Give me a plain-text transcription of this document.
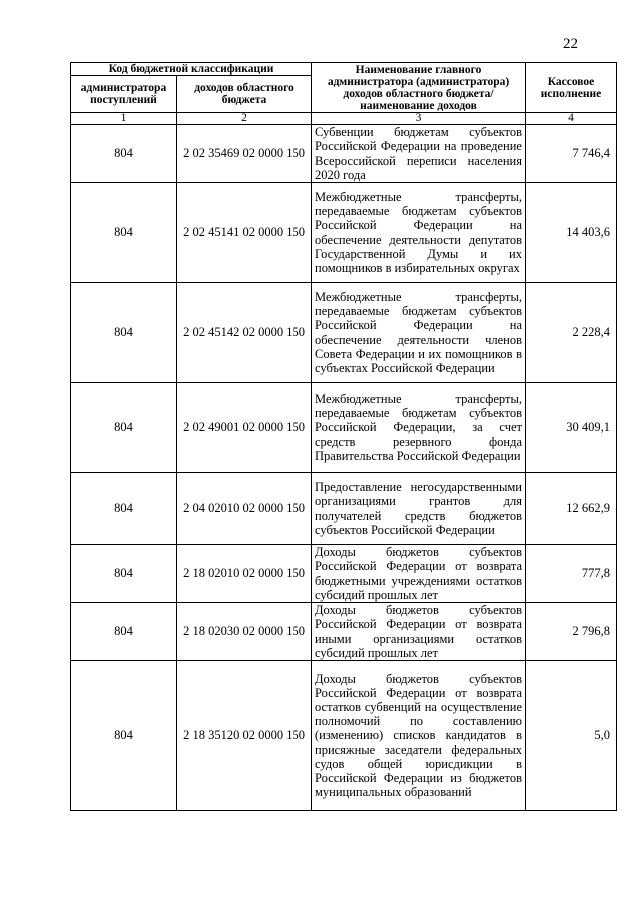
22
Код бюджетной классификации		Наименование главного администратора (администратора) доходов областного бюджета/ наименование доходов	Кассовое исполнение
администратора поступлений	доходов областного бюджета		
1	2	3	4
804	2 02 35469 02 0000 150	Субвенции бюджетам субъектов Российской Федерации на проведение Всероссийской переписи населения 2020 года	7 746,4
804	2 02 45141 02 0000 150	Межбюджетные трансферты, передаваемые бюджетам субъектов Российской Федерации на обеспечение деятельности депутатов Государственной Думы и их помощников в избирательных округах	14 403,6
804	2 02 45142 02 0000 150	Межбюджетные трансферты, передаваемые бюджетам субъектов Российской Федерации на обеспечение деятельности членов Совета Федерации и их помощников в субъектах Российской Федерации	2 228,4
804	2 02 49001 02 0000 150	Межбюджетные трансферты, передаваемые бюджетам субъектов Российской Федерации, за счет средств резервного фонда Правительства Российской Федерации	30 409,1
804	2 04 02010 02 0000 150	Предоставление негосударственными организациями грантов для получателей средств бюджетов субъектов Российской Федерации	12 662,9
804	2 18 02010 02 0000 150	Доходы бюджетов субъектов Российской Федерации от возврата бюджетными учреждениями остатков субсидий прошлых лет	777,8
804	2 18 02030 02 0000 150	Доходы бюджетов субъектов Российской Федерации от возврата иными организациями остатков субсидий прошлых лет	2 796,8
804	2 18 35120 02 0000 150	Доходы бюджетов субъектов Российской Федерации от возврата остатков субвенций на осуществление полномочий по составлению (изменению) списков кандидатов в присяжные заседатели федеральных судов общей юрисдикции в Российской Федерации из бюджетов муниципальных образований	5,0
